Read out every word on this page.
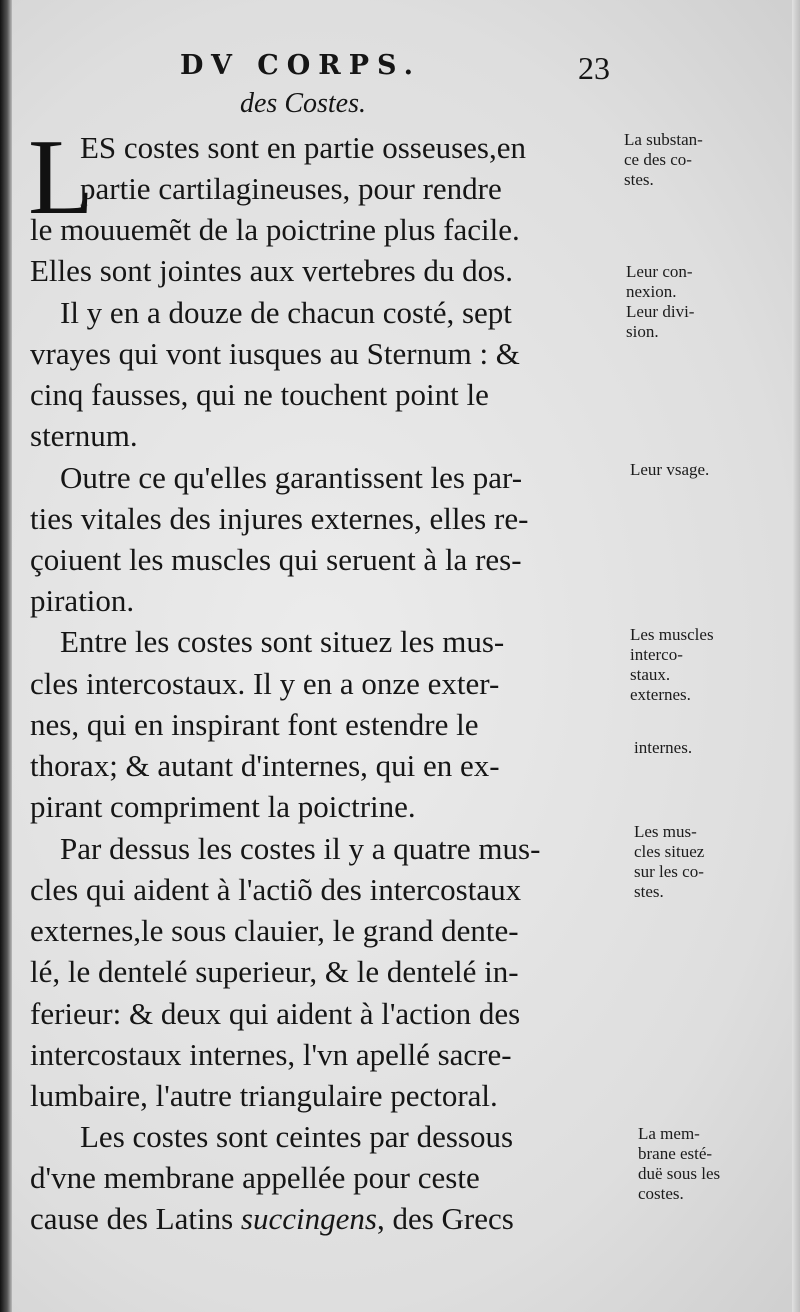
DV CORPS.	23
des Costes.
L
ES costes sont en partie osseuses,en
partie cartilagineuses, pour rendre
le mouuemẽt de la poictrine plus facile.
Elles sont jointes aux vertebres du dos.
Il y en a douze de chacun costé, sept
vrayes qui vont iusques au Sternum : &
cinq fausses, qui ne touchent point le
sternum.
Outre ce qu'elles garantissent les par-
ties vitales des injures externes, elles re-
çoiuent les muscles qui seruent à la res-
piration.
Entre les costes sont situez les mus-
cles intercostaux. Il y en a onze exter-
nes, qui en inspirant font estendre le
thorax; & autant d'internes, qui en ex-
pirant compriment la poictrine.
Par dessus les costes il y a quatre mus-
cles qui aident à l'actiõ des intercostaux
externes,le sous clauier, le grand dente-
lé, le dentelé superieur, & le dentelé in-
ferieur: & deux qui aident à l'action des
intercostaux internes, l'vn apellé sacre-
lumbaire, l'autre triangulaire pectoral.
Les costes sont ceintes par dessous
d'vne membrane appellée pour ceste
cause des Latins succingens, des Grecs
La substan-
ce des co-
stes.
Leur con-
nexion.
Leur divi-
sion.
Leur vsage.
Les muscles
interco-
staux.
externes.
internes.
Les mus-
cles situez
sur les co-
stes.
La mem-
brane esté-
duë sous les
costes.
